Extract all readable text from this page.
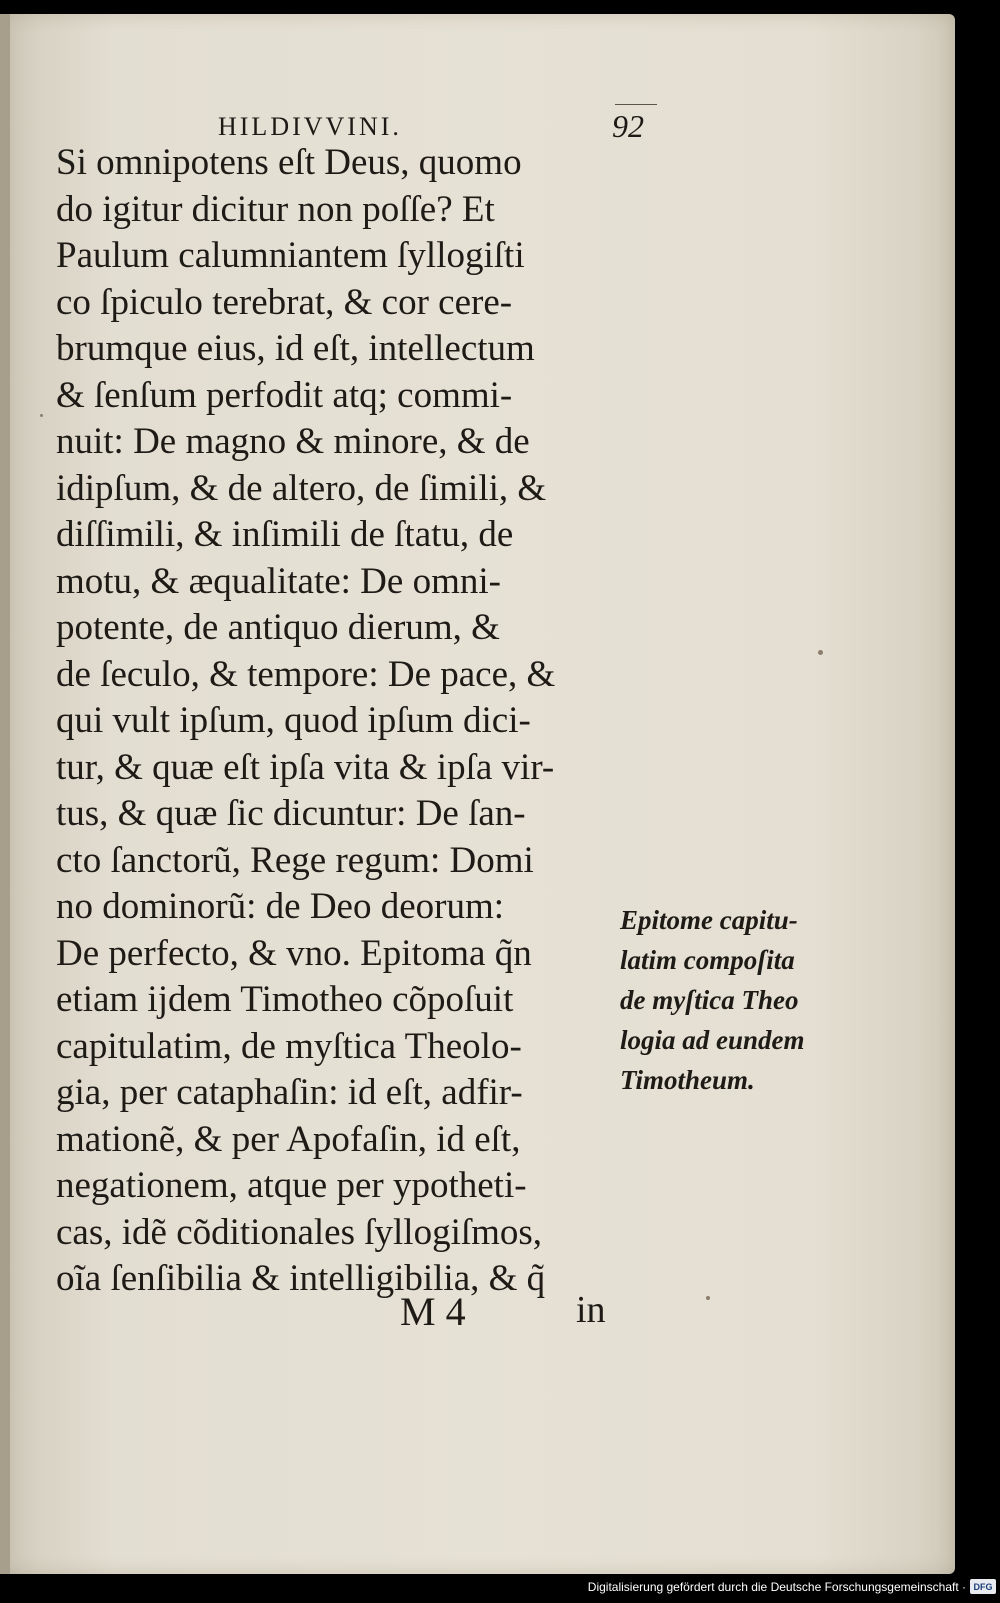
HILDIVVINI.	92
Si omnipotens eſt Deus, quomo
do igitur dicitur non poſſe? Et
Paulum calumniantem ſyllogiſti
co ſpiculo terebrat, & cor cere-
brumque eius, id eſt, intellectum
& ſenſum perfodit atq; commi-
nuit: De magno & minore, & de
idipſum, & de altero, de ſimili, &
diſſimili, & inſimili de ſtatu, de
motu, & æqualitate: De omni-
potente, de antiquo dierum, &
de ſeculo, & tempore: De pace, &
qui vult ipſum, quod ipſum dici-
tur, & quæ eſt ipſa vita & ipſa vir-
tus, & quæ ſic dicuntur: De ſan-
cto ſanctorũ, Rege regum: Domi
no dominorũ: de Deo deorum:
De perfecto, & vno. Epitoma q̃n
etiam ijdem Timotheo cõpoſuit
capitulatim, de myſtica Theolo-
gia, per cataphaſin: id eſt, adfir-
mationẽ, & per Apofaſin, id eſt,
negationem, atque per ypotheti-
cas, idẽ cõditionales ſyllogiſmos,
oĩa ſenſibilia & intelligibilia, & q̃
Epitome capitu-
latim compoſita
de myſtica Theo
logia ad eundem
Timotheum.
M 4	in
Digitalisierung gefördert durch die Deutsche Forschungsgemeinschaft · DFG
